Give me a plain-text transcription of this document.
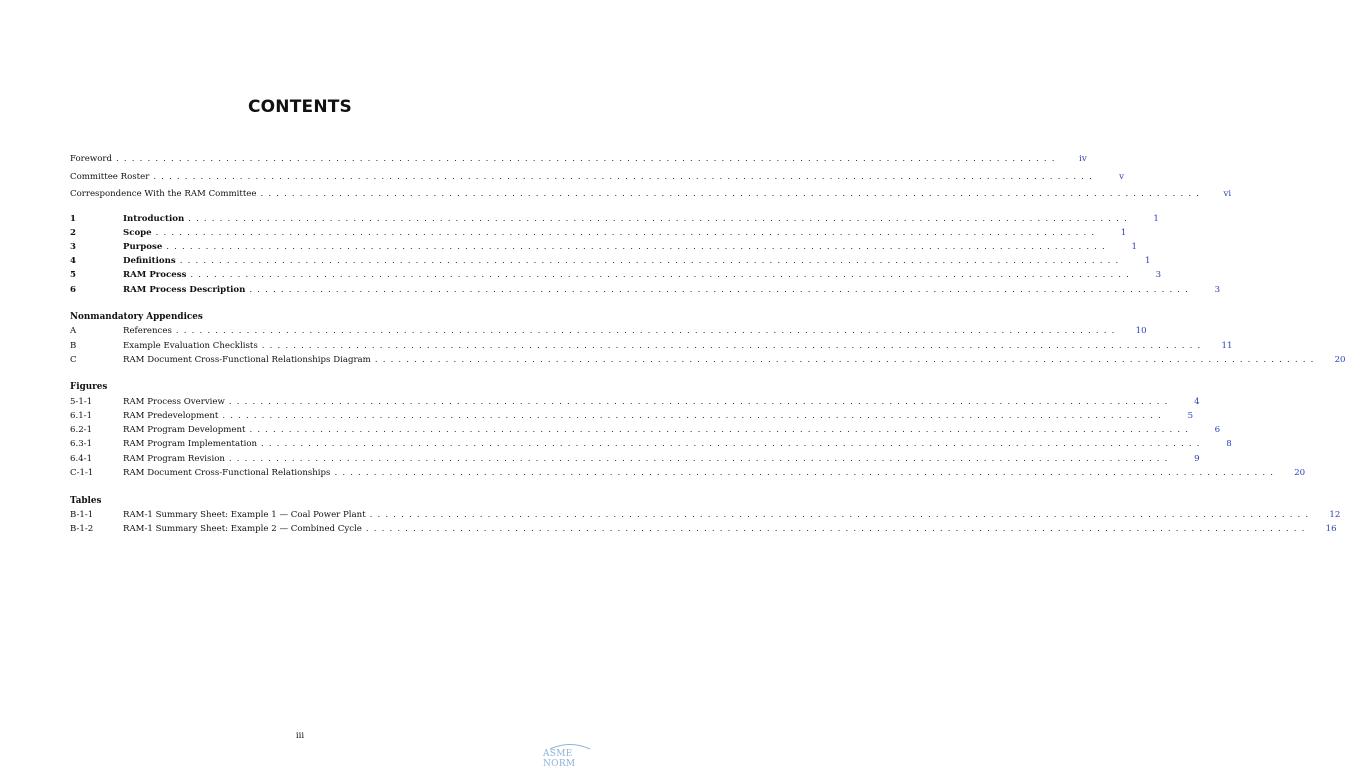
CONTENTS
Foreword . . . . . . . . . . . . . . . . . . . . . . . . . . . . . . . . . . . . . . . . . . . . . . . . . . . . . . . . . . . . . . . . . . . . . . . . . . . . . . . . . . . . . . . . . . . . . . . . . . . . . . . . . . . . . . . . . . . . . . . .	iv
Committee Roster . . . . . . . . . . . . . . . . . . . . . . . . . . . . . . . . . . . . . . . . . . . . . . . . . . . . . . . . . . . . . . . . . . . . . . . . . . . . . . . . . . . . . . . . . . . . . . . . . . . . . . . . . . . . . . . . . . . . . . . .	v
Correspondence With the RAM Committee . . . . . . . . . . . . . . . . . . . . . . . . . . . . . . . . . . . . . . . . . . . . . . . . . . . . . . . . . . . . . . . . . . . . . . . . . . . . . . . . . . . . . . . . . . . . . . . . . . . . . . . . . . . . . . . . . . . . . . . .	vi
1	Introduction . . . . . . . . . . . . . . . . . . . . . . . . . . . . . . . . . . . . . . . . . . . . . . . . . . . . . . . . . . . . . . . . . . . . . . . . . . . . . . . . . . . . . . . . . . . . . . . . . . . . . . . . . . . . . . . . . . . . . . . .	1
2	Scope . . . . . . . . . . . . . . . . . . . . . . . . . . . . . . . . . . . . . . . . . . . . . . . . . . . . . . . . . . . . . . . . . . . . . . . . . . . . . . . . . . . . . . . . . . . . . . . . . . . . . . . . . . . . . . . . . . . . . . . .	1
3	Purpose . . . . . . . . . . . . . . . . . . . . . . . . . . . . . . . . . . . . . . . . . . . . . . . . . . . . . . . . . . . . . . . . . . . . . . . . . . . . . . . . . . . . . . . . . . . . . . . . . . . . . . . . . . . . . . . . . . . . . . . .	1
4	Definitions . . . . . . . . . . . . . . . . . . . . . . . . . . . . . . . . . . . . . . . . . . . . . . . . . . . . . . . . . . . . . . . . . . . . . . . . . . . . . . . . . . . . . . . . . . . . . . . . . . . . . . . . . . . . . . . . . . . . . . . .	1
5	RAM Process . . . . . . . . . . . . . . . . . . . . . . . . . . . . . . . . . . . . . . . . . . . . . . . . . . . . . . . . . . . . . . . . . . . . . . . . . . . . . . . . . . . . . . . . . . . . . . . . . . . . . . . . . . . . . . . . . . . . . . . .	3
6	RAM Process Description . . . . . . . . . . . . . . . . . . . . . . . . . . . . . . . . . . . . . . . . . . . . . . . . . . . . . . . . . . . . . . . . . . . . . . . . . . . . . . . . . . . . . . . . . . . . . . . . . . . . . . . . . . . . . . . . . . . . . . . .	3
Nonmandatory Appendices
A	References . . . . . . . . . . . . . . . . . . . . . . . . . . . . . . . . . . . . . . . . . . . . . . . . . . . . . . . . . . . . . . . . . . . . . . . . . . . . . . . . . . . . . . . . . . . . . . . . . . . . . . . . . . . . . . . . . . . . . . . .	10
B	Example Evaluation Checklists . . . . . . . . . . . . . . . . . . . . . . . . . . . . . . . . . . . . . . . . . . . . . . . . . . . . . . . . . . . . . . . . . . . . . . . . . . . . . . . . . . . . . . . . . . . . . . . . . . . . . . . . . . . . . . . . . . . . . . . .	11
C	RAM Document Cross-Functional Relationships Diagram . . . . . . . . . . . . . . . . . . . . . . . . . . . . . . . . . . . . . . . . . . . . . . . . . . . . . . . . . . . . . . . . . . . . . . . . . . . . . . . . . . . . . . . . . . . . . . . . . . . . . . . . . . . . . . . . . . . . . . . .	20
Figures
5-1-1	RAM Process Overview . . . . . . . . . . . . . . . . . . . . . . . . . . . . . . . . . . . . . . . . . . . . . . . . . . . . . . . . . . . . . . . . . . . . . . . . . . . . . . . . . . . . . . . . . . . . . . . . . . . . . . . . . . . . . . . . . . . . . . . .	4
6.1-1	RAM Predevelopment . . . . . . . . . . . . . . . . . . . . . . . . . . . . . . . . . . . . . . . . . . . . . . . . . . . . . . . . . . . . . . . . . . . . . . . . . . . . . . . . . . . . . . . . . . . . . . . . . . . . . . . . . . . . . . . . . . . . . . . .	5
6.2-1	RAM Program Development . . . . . . . . . . . . . . . . . . . . . . . . . . . . . . . . . . . . . . . . . . . . . . . . . . . . . . . . . . . . . . . . . . . . . . . . . . . . . . . . . . . . . . . . . . . . . . . . . . . . . . . . . . . . . . . . . . . . . . . .	6
6.3-1	RAM Program Implementation . . . . . . . . . . . . . . . . . . . . . . . . . . . . . . . . . . . . . . . . . . . . . . . . . . . . . . . . . . . . . . . . . . . . . . . . . . . . . . . . . . . . . . . . . . . . . . . . . . . . . . . . . . . . . . . . . . . . . . . .	8
6.4-1	RAM Program Revision . . . . . . . . . . . . . . . . . . . . . . . . . . . . . . . . . . . . . . . . . . . . . . . . . . . . . . . . . . . . . . . . . . . . . . . . . . . . . . . . . . . . . . . . . . . . . . . . . . . . . . . . . . . . . . . . . . . . . . . .	9
C-1-1	RAM Document Cross-Functional Relationships . . . . . . . . . . . . . . . . . . . . . . . . . . . . . . . . . . . . . . . . . . . . . . . . . . . . . . . . . . . . . . . . . . . . . . . . . . . . . . . . . . . . . . . . . . . . . . . . . . . . . . . . . . . . . . . . . . . . . . . .	20
Tables
B-1-1	RAM-1 Summary Sheet: Example 1 — Coal Power Plant . . . . . . . . . . . . . . . . . . . . . . . . . . . . . . . . . . . . . . . . . . . . . . . . . . . . . . . . . . . . . . . . . . . . . . . . . . . . . . . . . . . . . . . . . . . . . . . . . . . . . . . . . . . . . . . . . . . . . . . .	12
B-1-2	RAM-1 Summary Sheet: Example 2 — Combined Cycle . . . . . . . . . . . . . . . . . . . . . . . . . . . . . . . . . . . . . . . . . . . . . . . . . . . . . . . . . . . . . . . . . . . . . . . . . . . . . . . . . . . . . . . . . . . . . . . . . . . . . . . . . . . . . . . . . . . . . . . .	16
iii
ASME NORM
